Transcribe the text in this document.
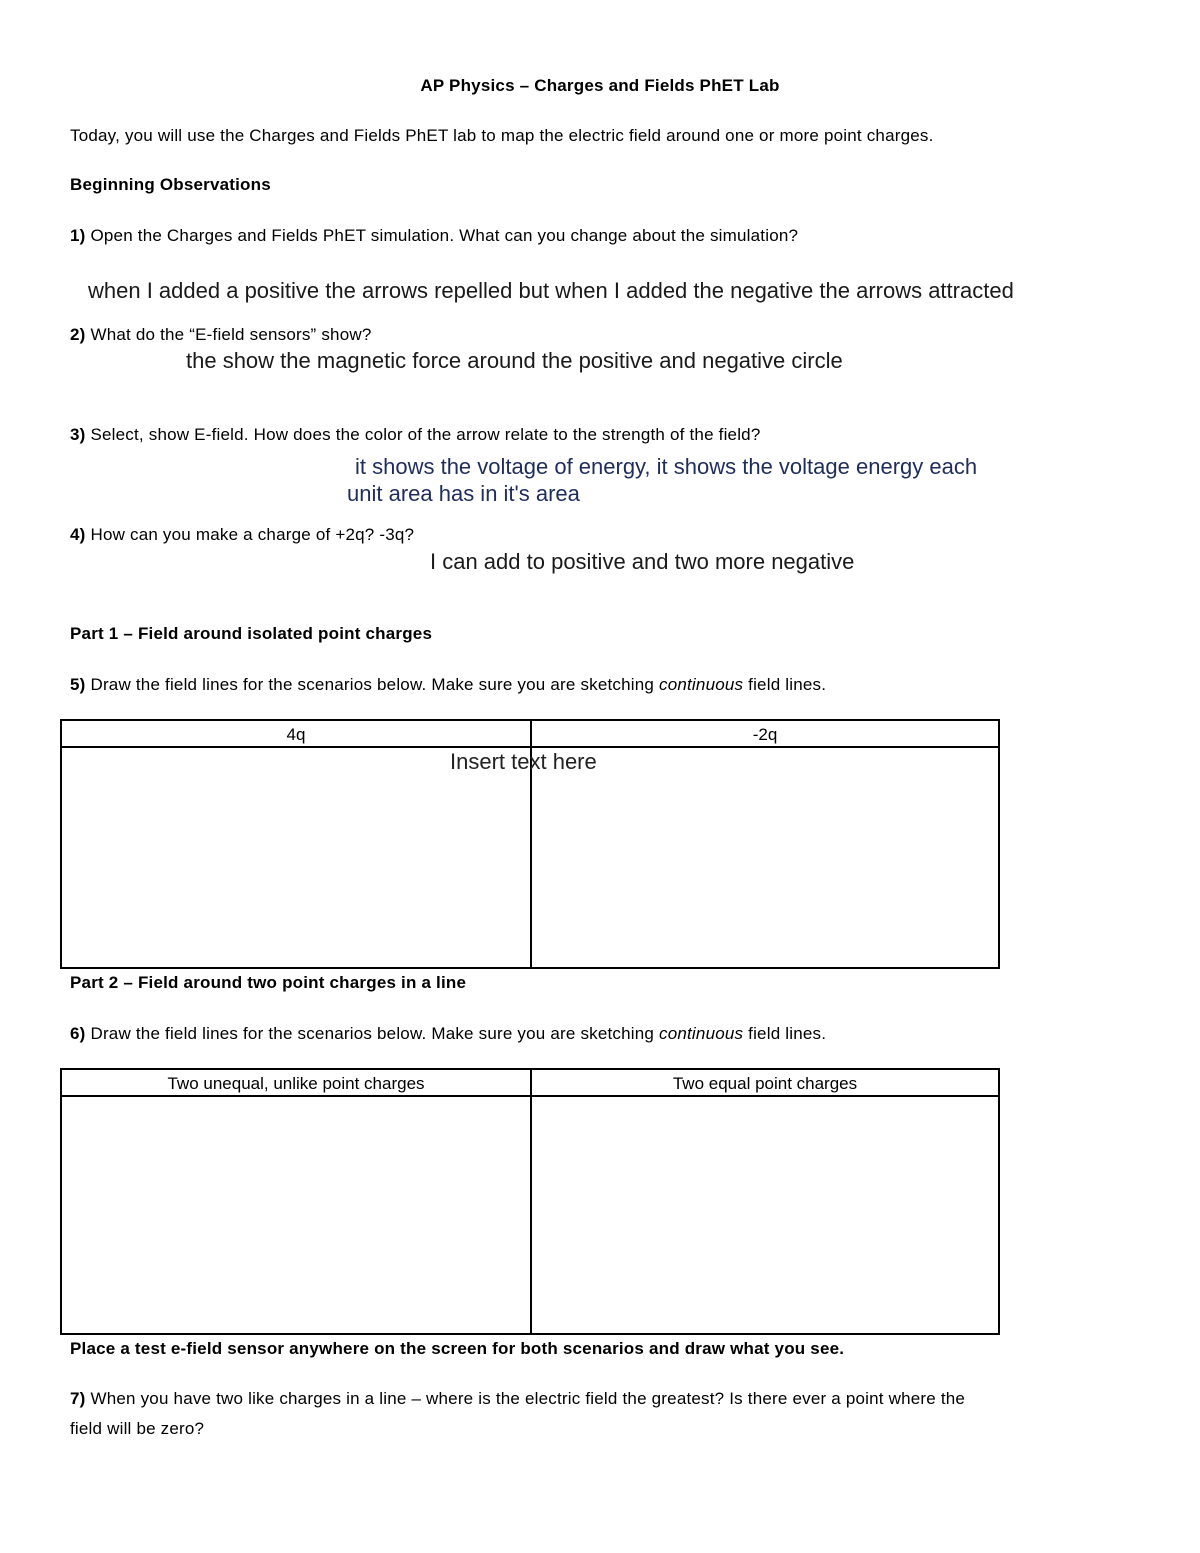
AP Physics – Charges and Fields PhET Lab
Today, you will use the Charges and Fields PhET lab to map the electric field around one or more point charges.
Beginning Observations
1) Open the Charges and Fields PhET simulation. What can you change about the simulation?
when I added a positive the arrows repelled but when I added the negative the arrows attracted
2) What do the “E-field sensors” show?
the show the magnetic force around the positive and negative circle
3) Select, show E-field. How does the color of the arrow relate to the strength of the field?
it shows the voltage of energy, it shows the voltage energy each
unit area has in it's area
4) How can you make a charge of +2q? -3q?
I can add to positive and two more negative
Part 1 – Field around isolated point charges
5) Draw the field lines for the scenarios below. Make sure you are sketching continuous field lines.
4q	-2q
Insert text here
Part 2 – Field around two point charges in a line
6) Draw the field lines for the scenarios below. Make sure you are sketching continuous field lines.
Two unequal, unlike point charges	Two equal point charges
Place a test e-field sensor anywhere on the screen for both scenarios and draw what you see.
7) When you have two like charges in a line – where is the electric field the greatest? Is there ever a point where the
field will be zero?
